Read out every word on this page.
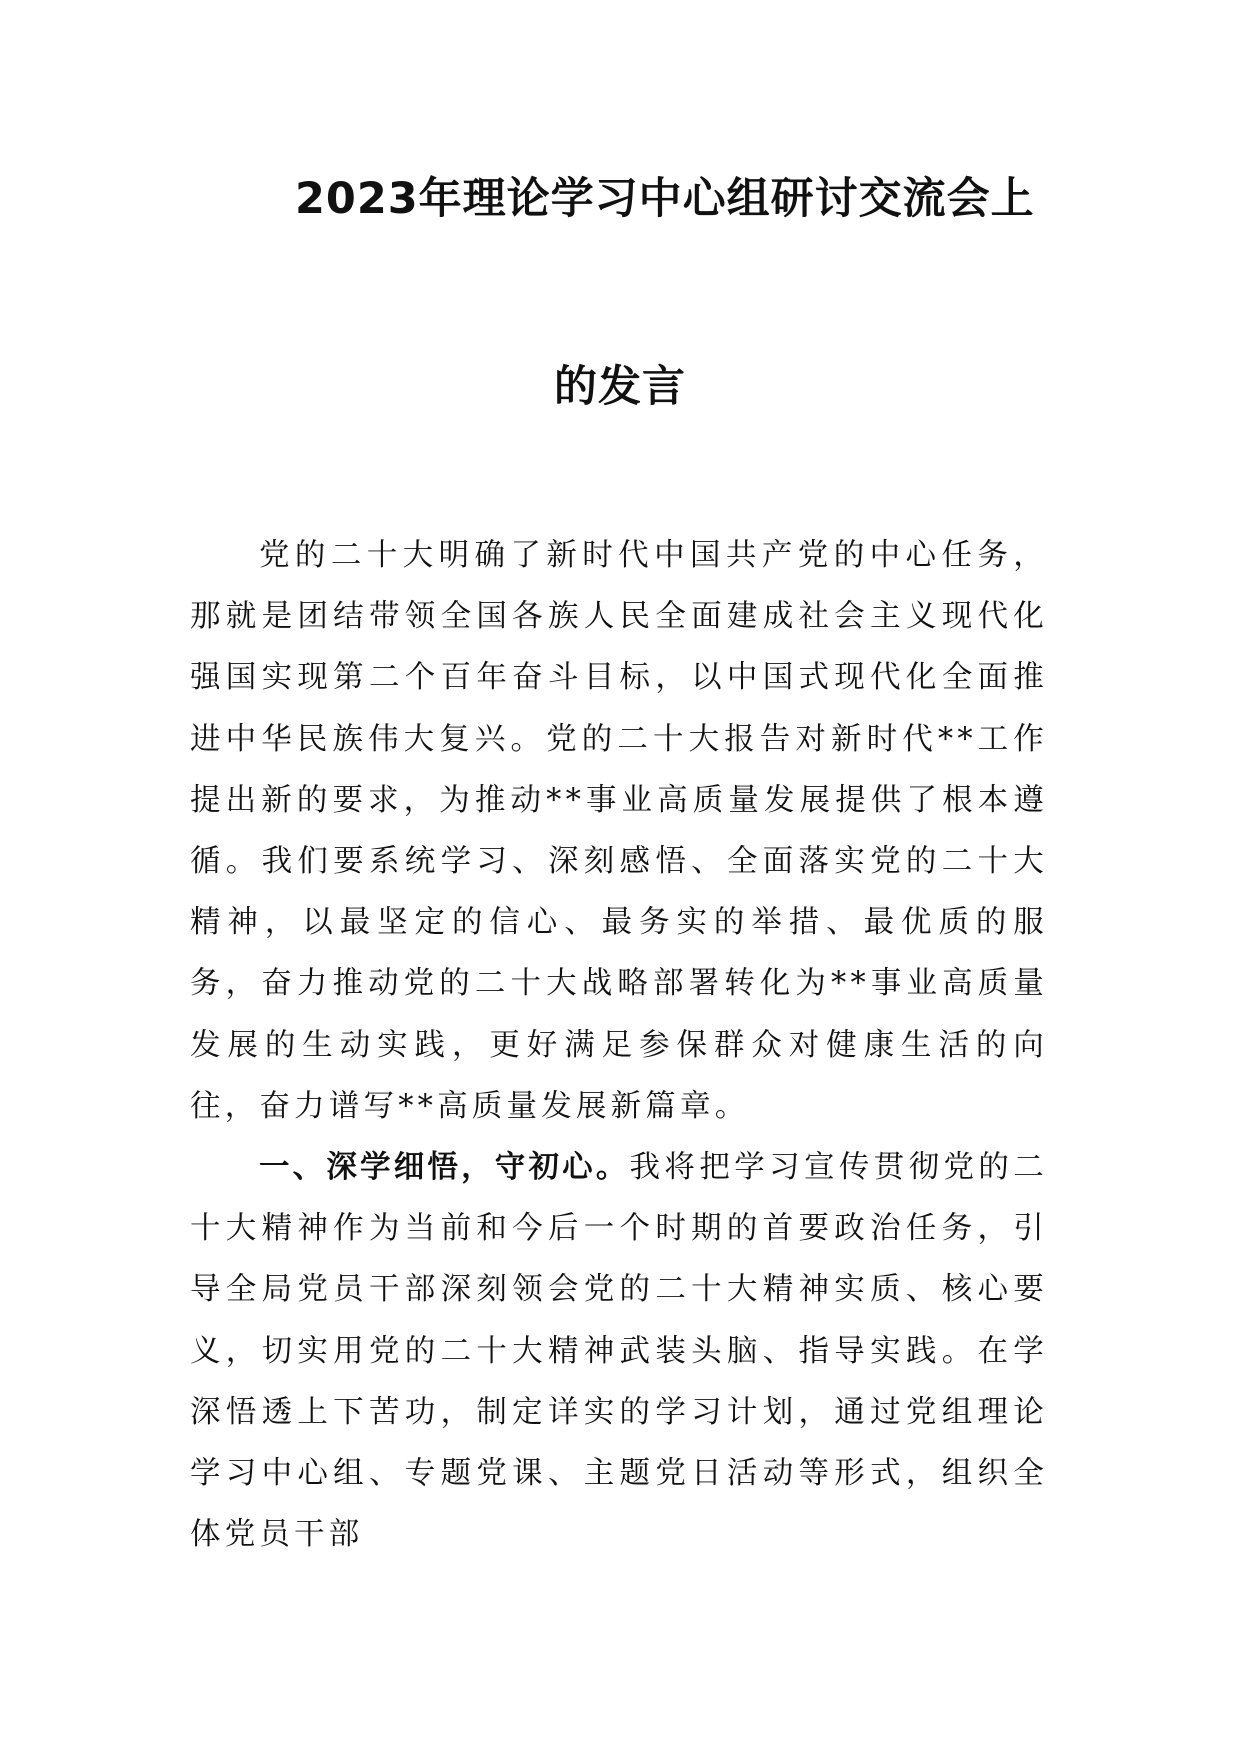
2023年理论学习中心组研讨交流会上
的发言

党的二十大明确了新时代中国共产党的中心任务，那就是团结带领全国各族人民全面建成社会主义现代化强国实现第二个百年奋斗目标，以中国式现代化全面推进中华民族伟大复兴。党的二十大报告对新时代**工作提出新的要求，为推动**事业高质量发展提供了根本遵循。我们要系统学习、深刻感悟、全面落实党的二十大精神，以最坚定的信心、最务实的举措、最优质的服务，奋力推动党的二十大战略部署转化为**事业高质量发展的生动实践，更好满足参保群众对健康生活的向往，奋力谱写**高质量发展新篇章。

一、深学细悟，守初心。我将把学习宣传贯彻党的二十大精神作为当前和今后一个时期的首要政治任务，引导全局党员干部深刻领会党的二十大精神实质、核心要义，切实用党的二十大精神武装头脑、指导实践。在学深悟透上下苦功，制定详实的学习计划，通过党组理论学习中心组、专题党课、主题党日活动等形式，组织全体党员干部
